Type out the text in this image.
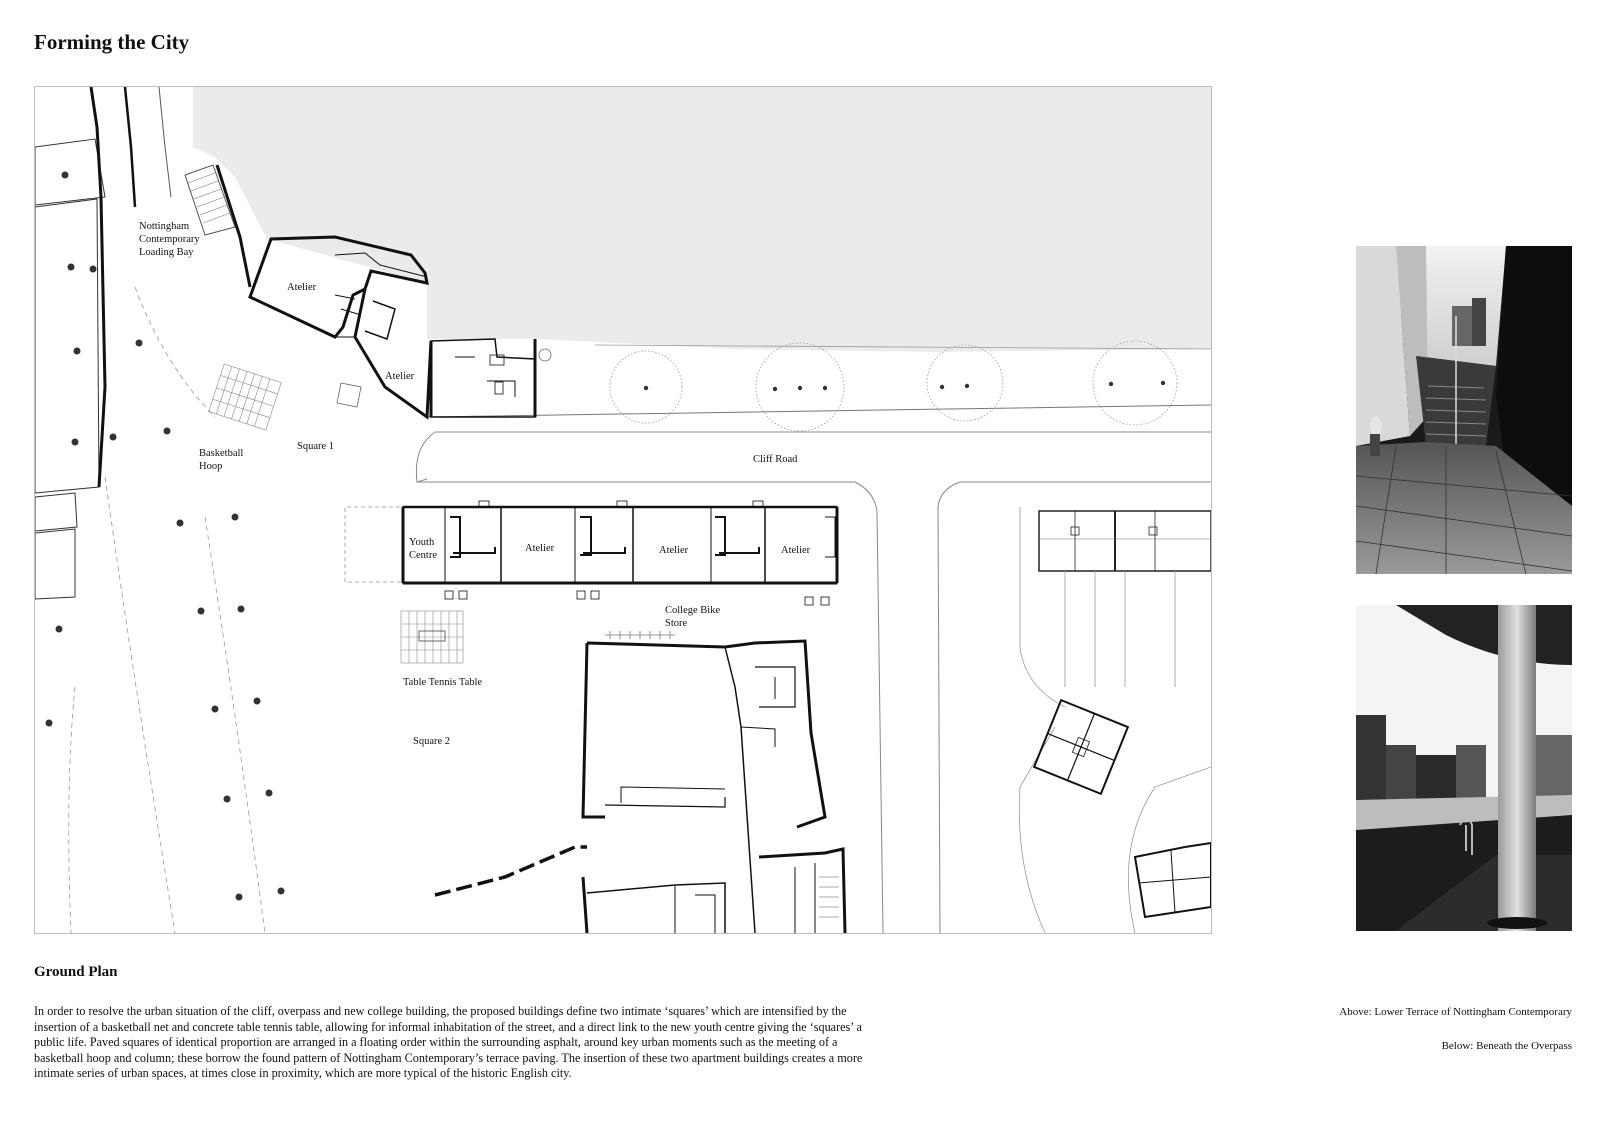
Forming the City
Nottingham
Contemporary
Loading Bay
Atelier
Atelier
Basketball
Hoop
Square 1
Cliff Road
Youth
Centre
Atelier	Atelier	Atelier
College Bike
Store
Table Tennis Table
Square 2
Ground Plan

In order to resolve the urban situation of the cliff, overpass and new college building, the proposed buildings define two intimate ‘squares’ which are intensified by the insertion of a basketball net and concrete table tennis table, allowing for informal inhabitation of the street, and a direct link to the new youth centre giving the ‘squares’ a public life. Paved squares of identical proportion are arranged in a floating order within the surrounding asphalt, around key urban moments such as the meeting of a basketball hoop and column; these borrow the found pattern of Nottingham Contemporary’s terrace paving. The insertion of these two apartment buildings creates a more intimate series of urban spaces, at times close in proximity, which are more typical of the historic English city.

Above: Lower Terrace of Nottingham Contemporary

Below: Beneath the Overpass
